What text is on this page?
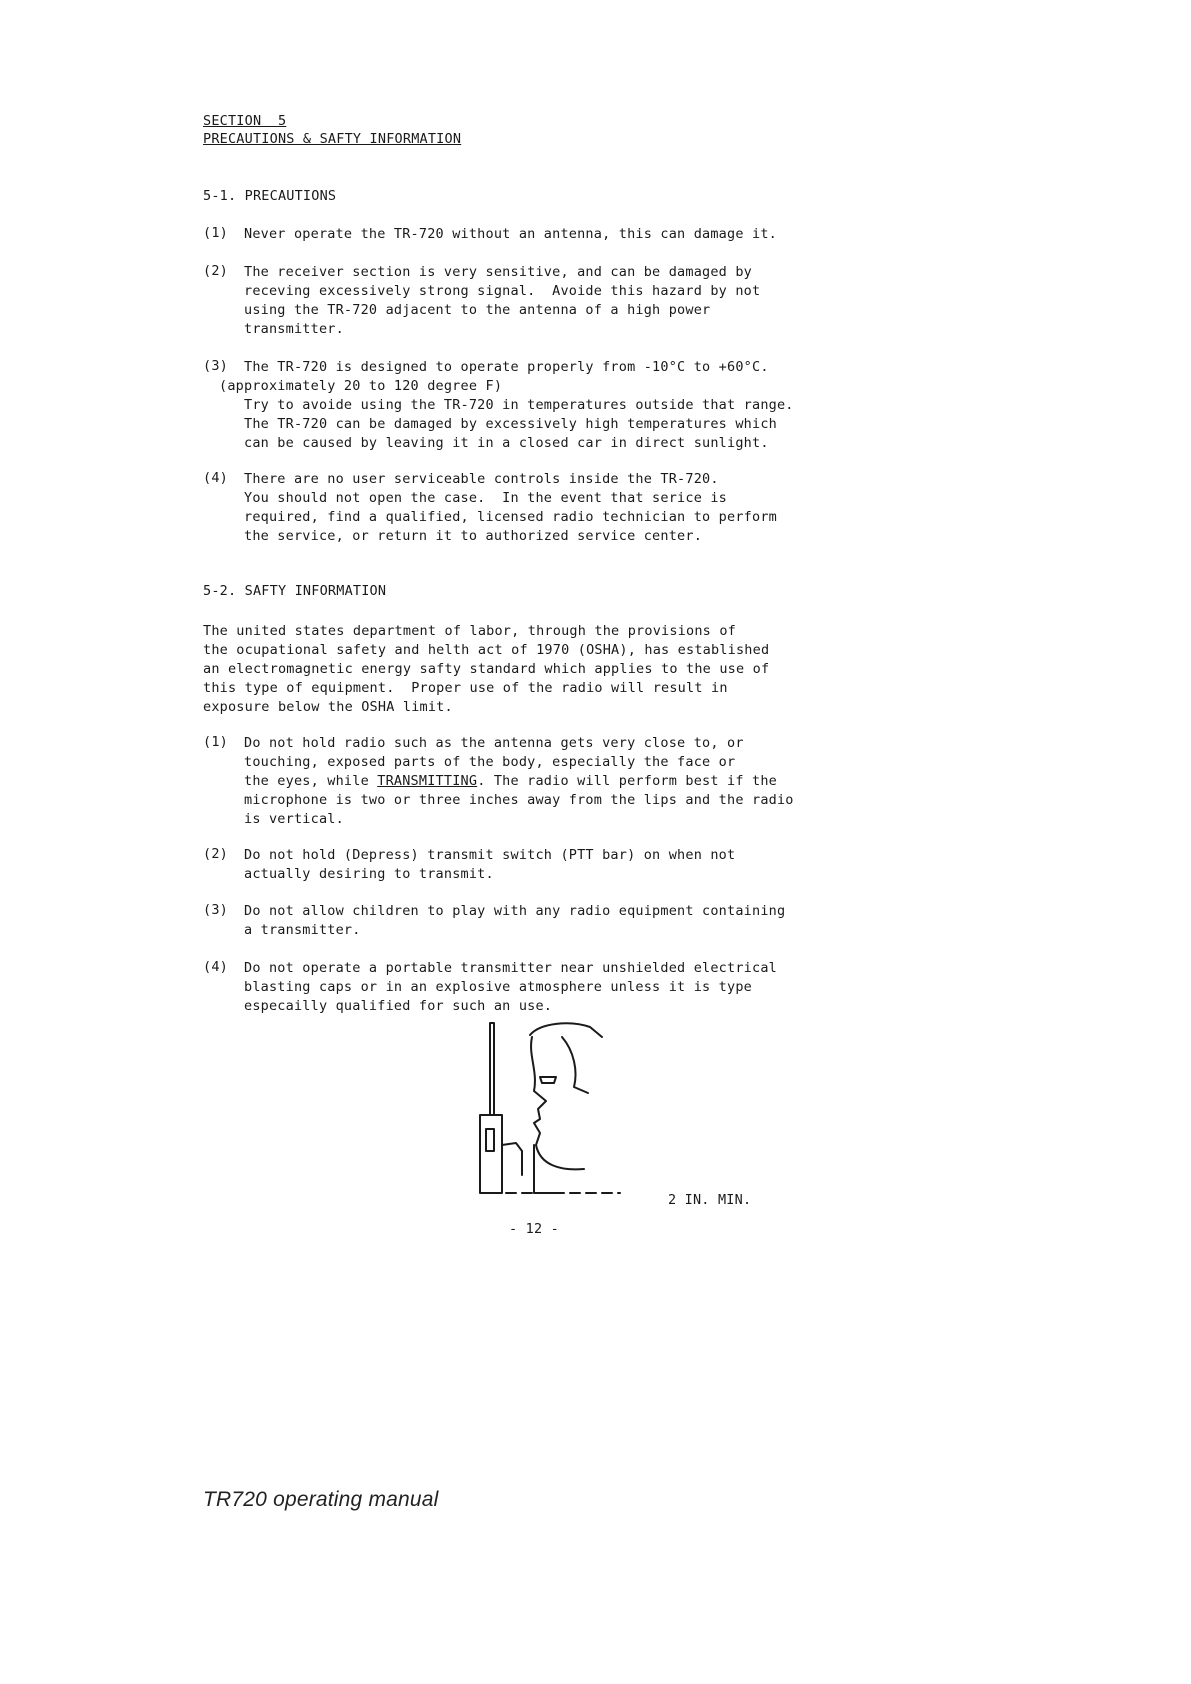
SECTION  5
PRECAUTIONS & SAFTY INFORMATION
5-1. PRECAUTIONS
(1) Never operate the TR-720 without an antenna, this can damage it.
(2) The receiver section is very sensitive, and can be damaged by
receving excessively strong signal.  Avoide this hazard by not
using the TR-720 adjacent to the antenna of a high power
transmitter.
(3) The TR-720 is designed to operate properly from -10°C to +60°C.
(approximately 20 to 120 degree F)
Try to avoide using the TR-720 in temperatures outside that range.
The TR-720 can be damaged by excessively high temperatures which
can be caused by leaving it in a closed car in direct sunlight.
(4) There are no user serviceable controls inside the TR-720.
You should not open the case.  In the event that serice is
required, find a qualified, licensed radio technician to perform
the service, or return it to authorized service center.
5-2. SAFTY INFORMATION
The united states department of labor, through the provisions of
the ocupational safety and helth act of 1970 (OSHA), has established
an electromagnetic energy safty standard which applies to the use of
this type of equipment.  Proper use of the radio will result in
exposure below the OSHA limit.
(1) Do not hold radio such as the antenna gets very close to, or
touching, exposed parts of the body, especially the face or
the eyes, while TRANSMITTING. The radio will perform best if the
microphone is two or three inches away from the lips and the radio
is vertical.
(2) Do not hold (Depress) transmit switch (PTT bar) on when not
actually desiring to transmit.
(3) Do not allow children to play with any radio equipment containing
a transmitter.
(4) Do not operate a portable transmitter near unshielded electrical
blasting caps or in an explosive atmosphere unless it is type
especailly qualified for such an use.
2 IN. MIN.
- 12 -
TR720 operating manual
